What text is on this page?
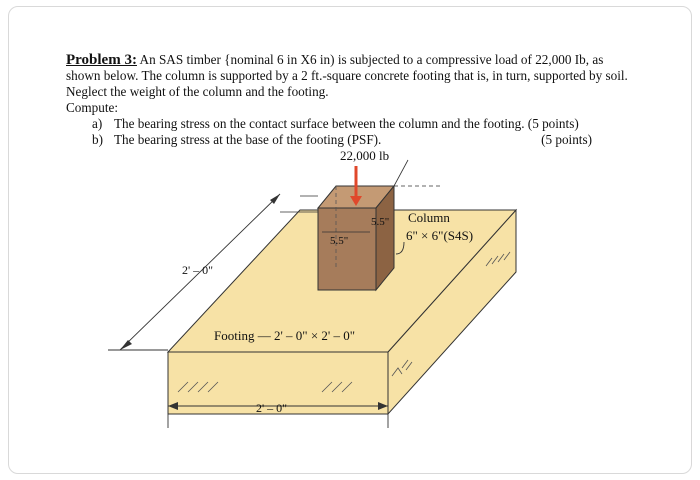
Problem 3: An SAS timber {nominal 6 in X6 in) is subjected to a compressive load of 22,000 Ib, as shown below. The column is supported by a 2 ft.-square concrete footing that is, in turn, supported by soil. Neglect the weight of the column and the footing.

Compute:

a) The bearing stress on the contact surface between the column and the footing. (5 points)
b) The bearing stress at the base of the footing (PSF).	(5 points)
22,000 lb
5.5"
5.5"
Column
6" × 6"(S4S)
2' – 0"
Footing — 2' – 0" × 2' – 0"
2' – 0"
